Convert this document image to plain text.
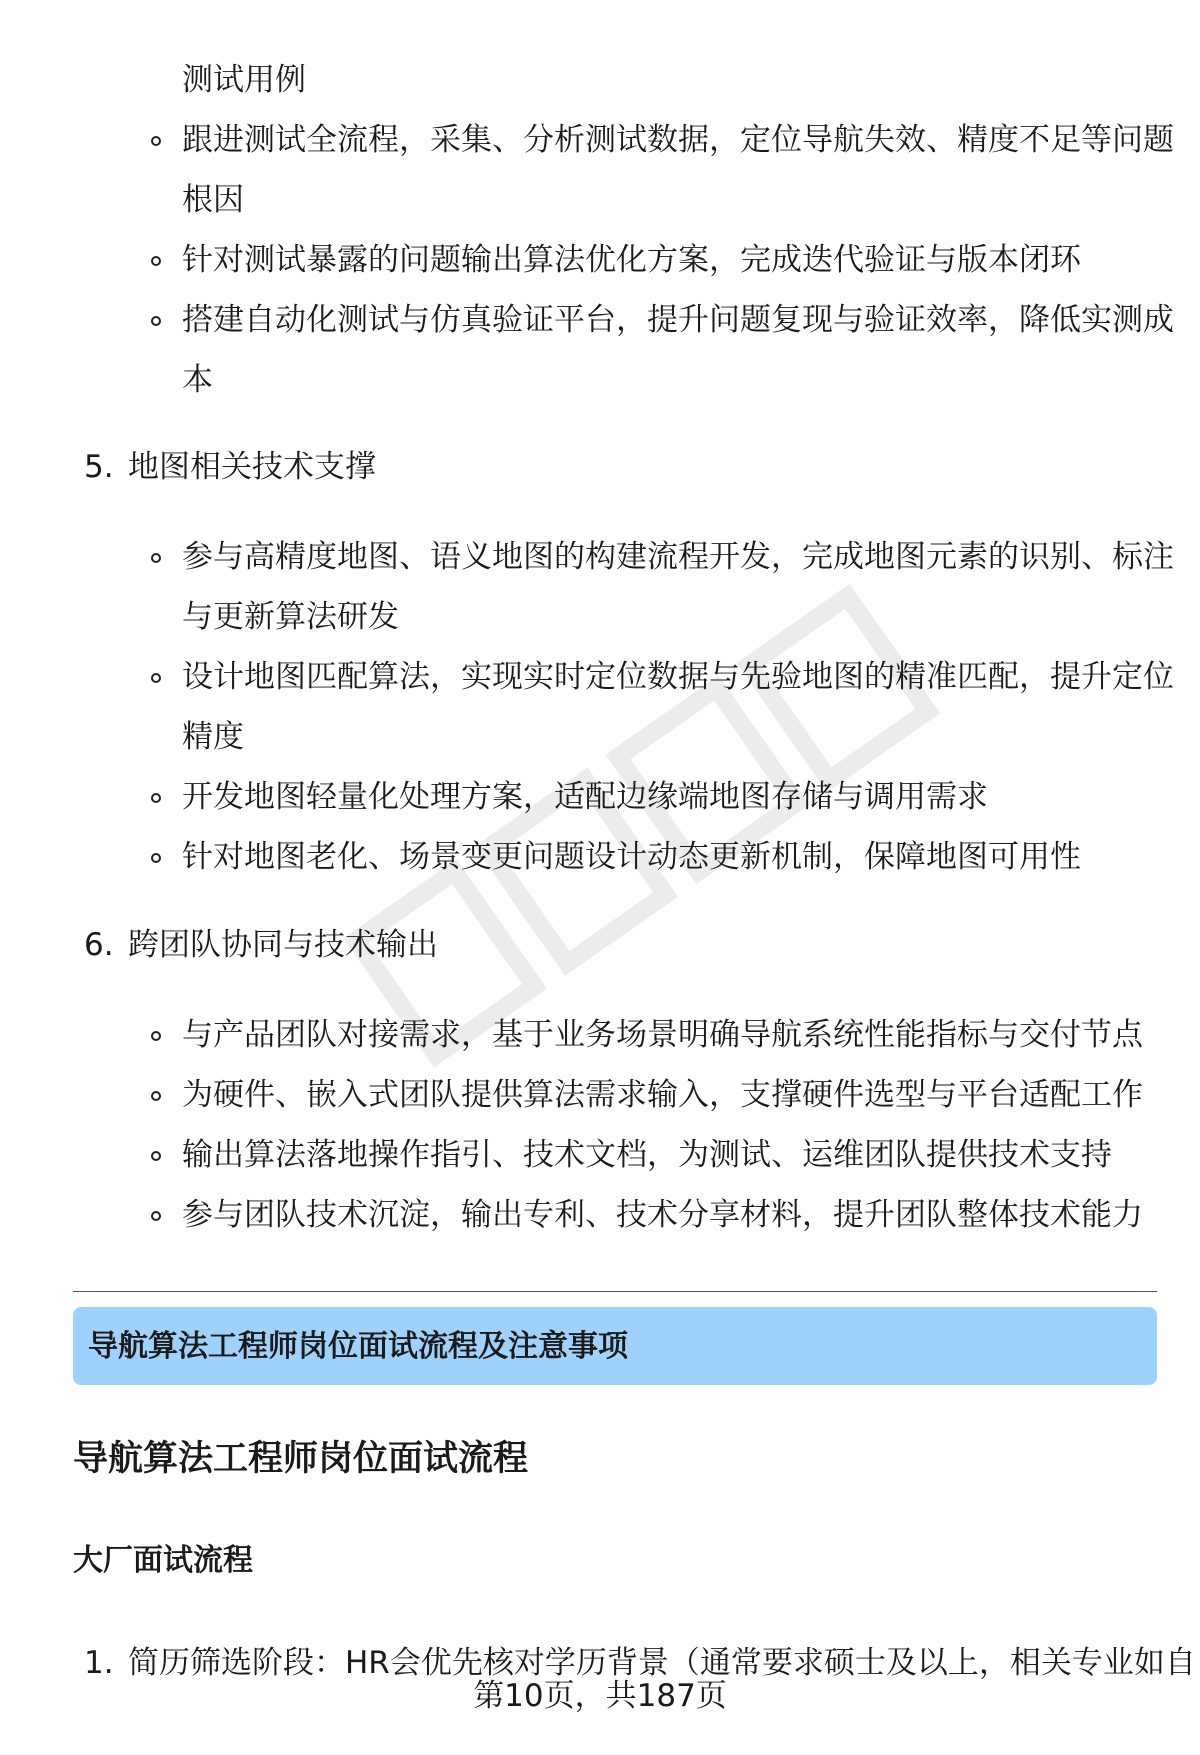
测试用例
跟进测试全流程，采集、分析测试数据，定位导航失效、精度不足等问题
根因
针对测试暴露的问题输出算法优化方案，完成迭代验证与版本闭环
搭建自动化测试与仿真验证平台，提升问题复现与验证效率，降低实测成
本
5. 地图相关技术支撑
参与高精度地图、语义地图的构建流程开发，完成地图元素的识别、标注
与更新算法研发
设计地图匹配算法，实现实时定位数据与先验地图的精准匹配，提升定位
精度
开发地图轻量化处理方案，适配边缘端地图存储与调用需求
针对地图老化、场景变更问题设计动态更新机制，保障地图可用性
6. 跨团队协同与技术输出
与产品团队对接需求，基于业务场景明确导航系统性能指标与交付节点
为硬件、嵌入式团队提供算法需求输入，支撑硬件选型与平台适配工作
输出算法落地操作指引、技术文档，为测试、运维团队提供技术支持
参与团队技术沉淀，输出专利、技术分享材料，提升团队整体技术能力
导航算法工程师岗位面试流程及注意事项
导航算法工程师岗位面试流程
大厂面试流程
1. 简历筛选阶段：HR会优先核对学历背景（通常要求硕士及以上，相关专业如自
第10页，共187页
